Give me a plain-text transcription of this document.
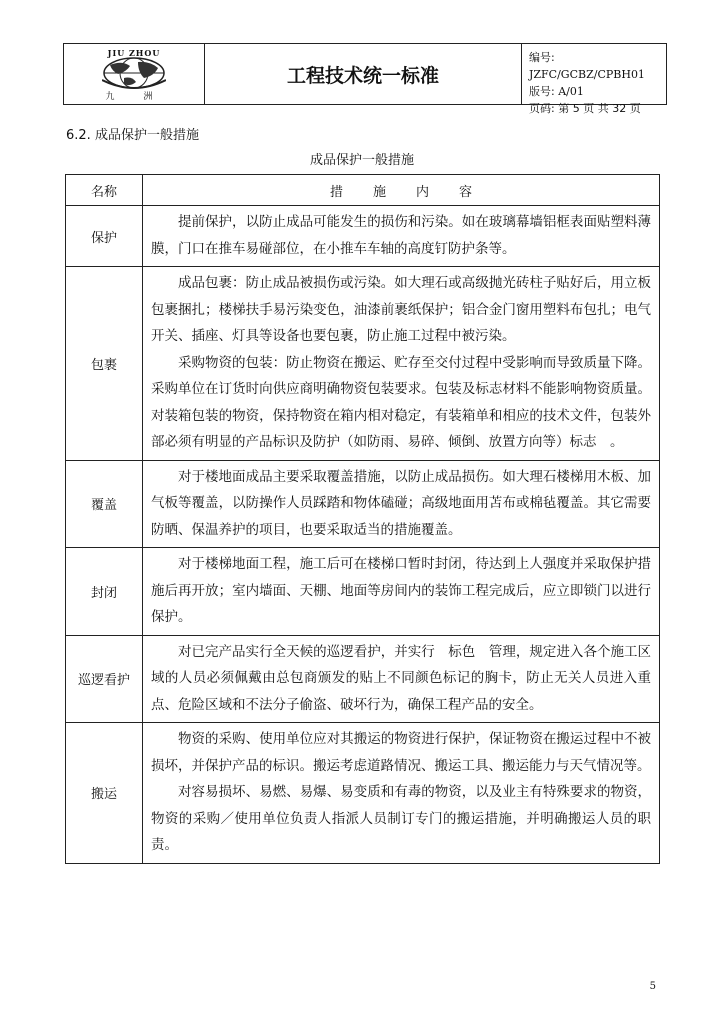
JIU ZHOU
九　洲
工程技术统一标准
编号: JZFC/GCBZ/CPBH01
版号: A/01
页码: 第 5 页 共 32 页
6.2. 成品保护一般措施
成品保护一般措施
名称	措施内容
保护	提前保护，以防止成品可能发生的损伤和污染。如在玻璃幕墙铝框表面贴塑料薄膜，门口在推车易碰部位，在小推车车轴的高度钉防护条等。

包裹	成品包裹：防止成品被损伤或污染。如大理石或高级抛光砖柱子贴好后，用立板包裹捆扎；楼梯扶手易污染变色，油漆前裹纸保护；铝合金门窗用塑料布包扎；电气开关、插座、灯具等设备也要包裹，防止施工过程中被污染。

采购物资的包装：防止物资在搬运、贮存至交付过程中受影响而导致质量下降。采购单位在订货时向供应商明确物资包装要求。包装及标志材料不能影响物资质量。对装箱包装的物资，保持物资在箱内相对稳定，有装箱单和相应的技术文件，包装外部必须有明显的产品标识及防护（如防雨、易碎、倾倒、放置方向等）标志　。

覆盖	对于楼地面成品主要采取覆盖措施，以防止成品损伤。如大理石楼梯用木板、加气板等覆盖，以防操作人员踩踏和物体磕碰；高级地面用苫布或棉毡覆盖。其它需要防晒、保温养护的项目，也要采取适当的措施覆盖。

封闭	对于楼梯地面工程，施工后可在楼梯口暂时封闭，待达到上人强度并采取保护措施后再开放；室内墙面、天棚、地面等房间内的装饰工程完成后，应立即锁门以进行保护。

巡逻看护	对已完产品实行全天候的巡逻看护，并实行　标色　管理，规定进入各个施工区域的人员必须佩戴由总包商颁发的贴上不同颜色标记的胸卡，防止无关人员进入重点、危险区域和不法分子偷盗、破坏行为，确保工程产品的安全。

搬运	物资的采购、使用单位应对其搬运的物资进行保护，保证物资在搬运过程中不被损坏，并保护产品的标识。搬运考虑道路情况、搬运工具、搬运能力与天气情况等。

对容易损坏、易燃、易爆、易变质和有毒的物资，以及业主有特殊要求的物资，物资的采购／使用单位负责人指派人员制订专门的搬运措施，并明确搬运人员的职责。

5
